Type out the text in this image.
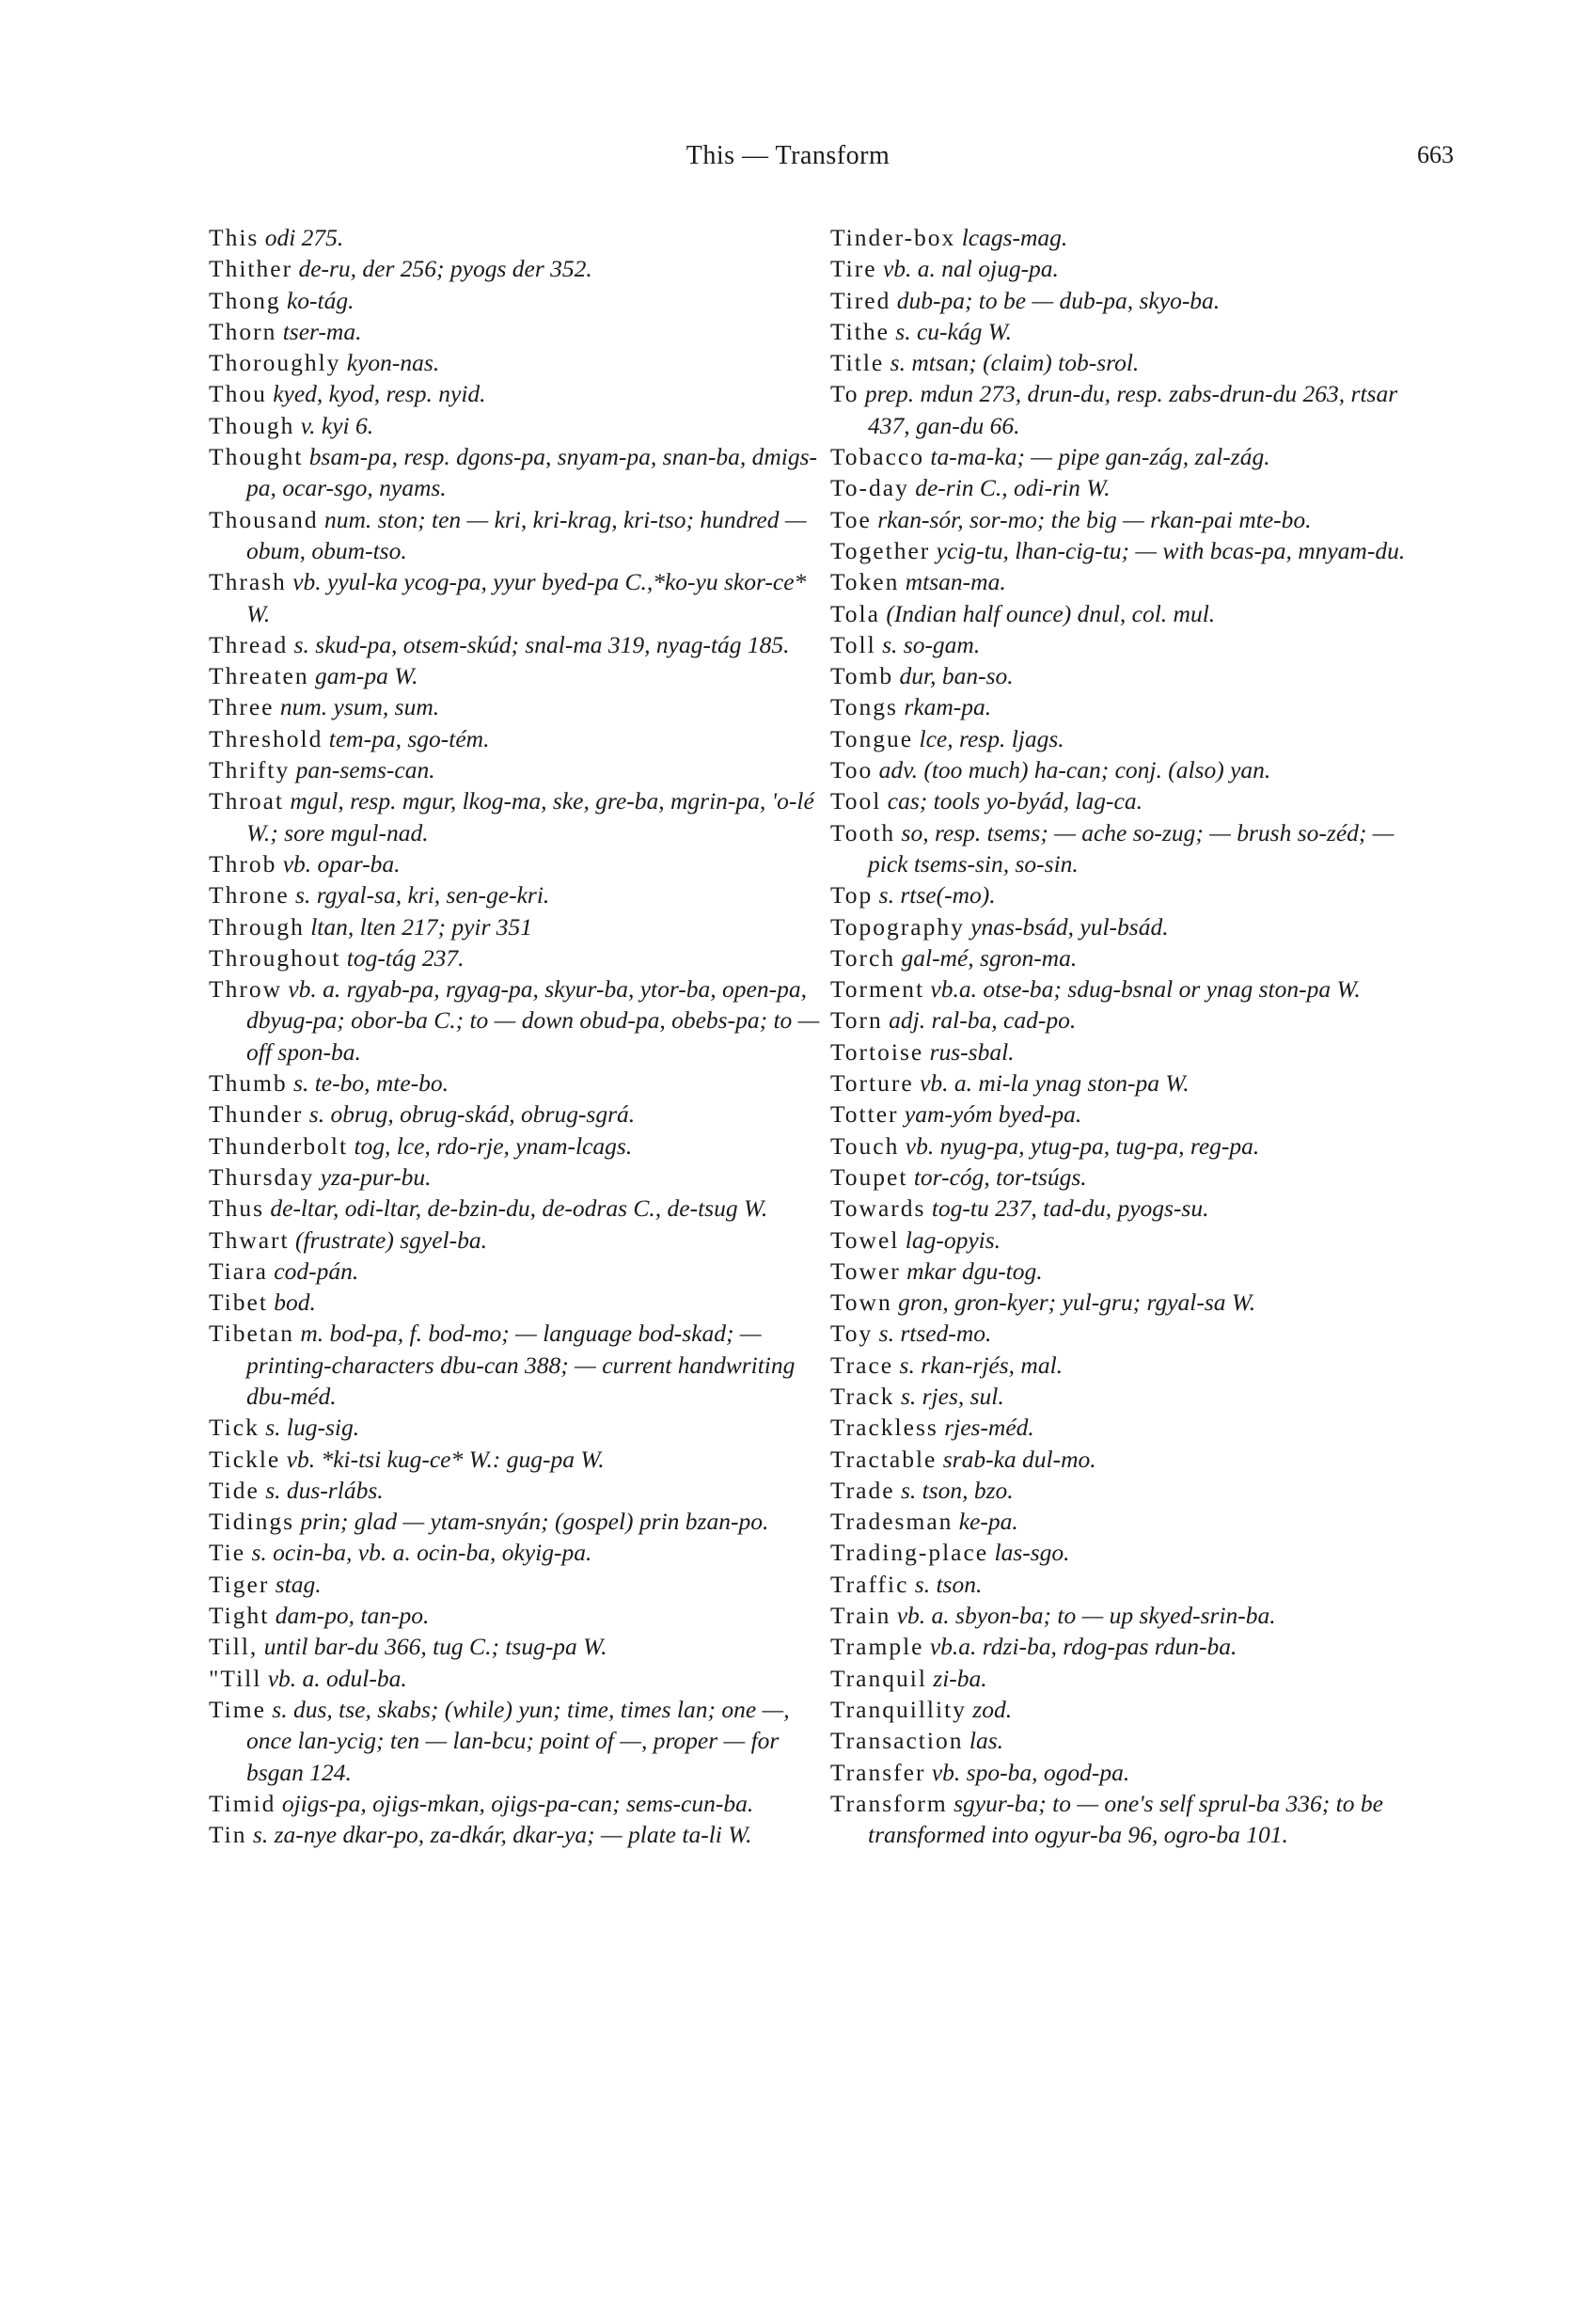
This — Transform	663

This odi 275.

Thither de-ru, der 256; pyogs der 352.

Thong ko-tág.

Thorn tser-ma.

Thoroughly kyon-nas.

Thou kyed, kyod, resp. nyid.

Though v. kyi 6.

Thought bsam-pa, resp. dgons-pa, snyam-pa, snan-ba, dmigs-pa, ocar-sgo, nyams.

Thousand num. ston; ten — kri, kri-krag, kri-tso; hundred — obum, obum-tso.

Thrash vb. yyul-ka ycog-pa, yyur byed-pa C.,*ko-yu skor-ce* W.

Thread s. skud-pa, otsem-skúd; snal-ma 319, nyag-tág 185.

Threaten gam-pa W.

Three num. ysum, sum.

Threshold tem-pa, sgo-tém.

Thrifty pan-sems-can.

Throat mgul, resp. mgur, lkog-ma, ske, gre-ba, mgrin-pa, 'o-lé W.; sore mgul-nad.

Throb vb. opar-ba.

Throne s. rgyal-sa, kri, sen-ge-kri.

Through ltan, lten 217; pyir 351

Throughout tog-tág 237.

Throw vb. a. rgyab-pa, rgyag-pa, skyur-ba, ytor-ba, open-pa, dbyug-pa; obor-ba C.; to — down obud-pa, obebs-pa; to — off spon-ba.

Thumb s. te-bo, mte-bo.

Thunder s. obrug, obrug-skád, obrug-sgrá.

Thunderbolt tog, lce, rdo-rje, ynam-lcags.

Thursday yza-pur-bu.

Thus de-ltar, odi-ltar, de-bzin-du, de-odras C., de-tsug W.

Thwart (frustrate) sgyel-ba.

Tiara cod-pán.

Tibet bod.

Tibetan m. bod-pa, f. bod-mo; — language bod-skad; — printing-characters dbu-can 388; — current handwriting dbu-méd.

Tick s. lug-sig.

Tickle vb. *ki-tsi kug-ce* W.: gug-pa W.

Tide s. dus-rlábs.

Tidings prin; glad — ytam-snyán; (gospel) prin bzan-po.

Tie s. ocin-ba, vb. a. ocin-ba, okyig-pa.

Tiger stag.

Tight dam-po, tan-po.

Till, until bar-du 366, tug C.; tsug-pa W.

"Till vb. a. odul-ba.

Time s. dus, tse, skabs; (while) yun; time, times lan; one —, once lan-ycig; ten — lan-bcu; point of —, proper — for bsgan 124.

Timid ojigs-pa, ojigs-mkan, ojigs-pa-can; sems-cun-ba.

Tin s. za-nye dkar-po, za-dkár, dkar-ya; — plate ta-li W.

Tinder-box lcags-mag.

Tire vb. a. nal ojug-pa.

Tired dub-pa; to be — dub-pa, skyo-ba.

Tithe s. cu-kág W.

Title s. mtsan; (claim) tob-srol.

To prep. mdun 273, drun-du, resp. zabs-drun-du 263, rtsar 437, gan-du 66.

Tobacco ta-ma-ka; — pipe gan-zág, zal-zág.

To-day de-rin C., odi-rin W.

Toe rkan-sór, sor-mo; the big — rkan-pai mte-bo.

Together ycig-tu, lhan-cig-tu; — with bcas-pa, mnyam-du.

Token mtsan-ma.

Tola (Indian half ounce) dnul, col. mul.

Toll s. so-gam.

Tomb dur, ban-so.

Tongs rkam-pa.

Tongue lce, resp. ljags.

Too adv. (too much) ha-can; conj. (also) yan.

Tool cas; tools yo-byád, lag-ca.

Tooth so, resp. tsems; — ache so-zug; — brush so-zéd; — pick tsems-sin, so-sin.

Top s. rtse(-mo).

Topography ynas-bsád, yul-bsád.

Torch gal-mé, sgron-ma.

Torment vb.a. otse-ba; sdug-bsnal or ynag ston-pa W.

Torn adj. ral-ba, cad-po.

Tortoise rus-sbal.

Torture vb. a. mi-la ynag ston-pa W.

Totter yam-yóm byed-pa.

Touch vb. nyug-pa, ytug-pa, tug-pa, reg-pa.

Toupet tor-cóg, tor-tsúgs.

Towards tog-tu 237, tad-du, pyogs-su.

Towel lag-opyis.

Tower mkar dgu-tog.

Town gron, gron-kyer; yul-gru; rgyal-sa W.

Toy s. rtsed-mo.

Trace s. rkan-rjés, mal.

Track s. rjes, sul.

Trackless rjes-méd.

Tractable srab-ka dul-mo.

Trade s. tson, bzo.

Tradesman ke-pa.

Trading-place las-sgo.

Traffic s. tson.

Train vb. a. sbyon-ba; to — up skyed-srin-ba.

Trample vb.a. rdzi-ba, rdog-pas rdun-ba.

Tranquil zi-ba.

Tranquillity zod.

Transaction las.

Transfer vb. spo-ba, ogod-pa.

Transform sgyur-ba; to — one's self sprul-ba 336; to be transformed into ogyur-ba 96, ogro-ba 101.
